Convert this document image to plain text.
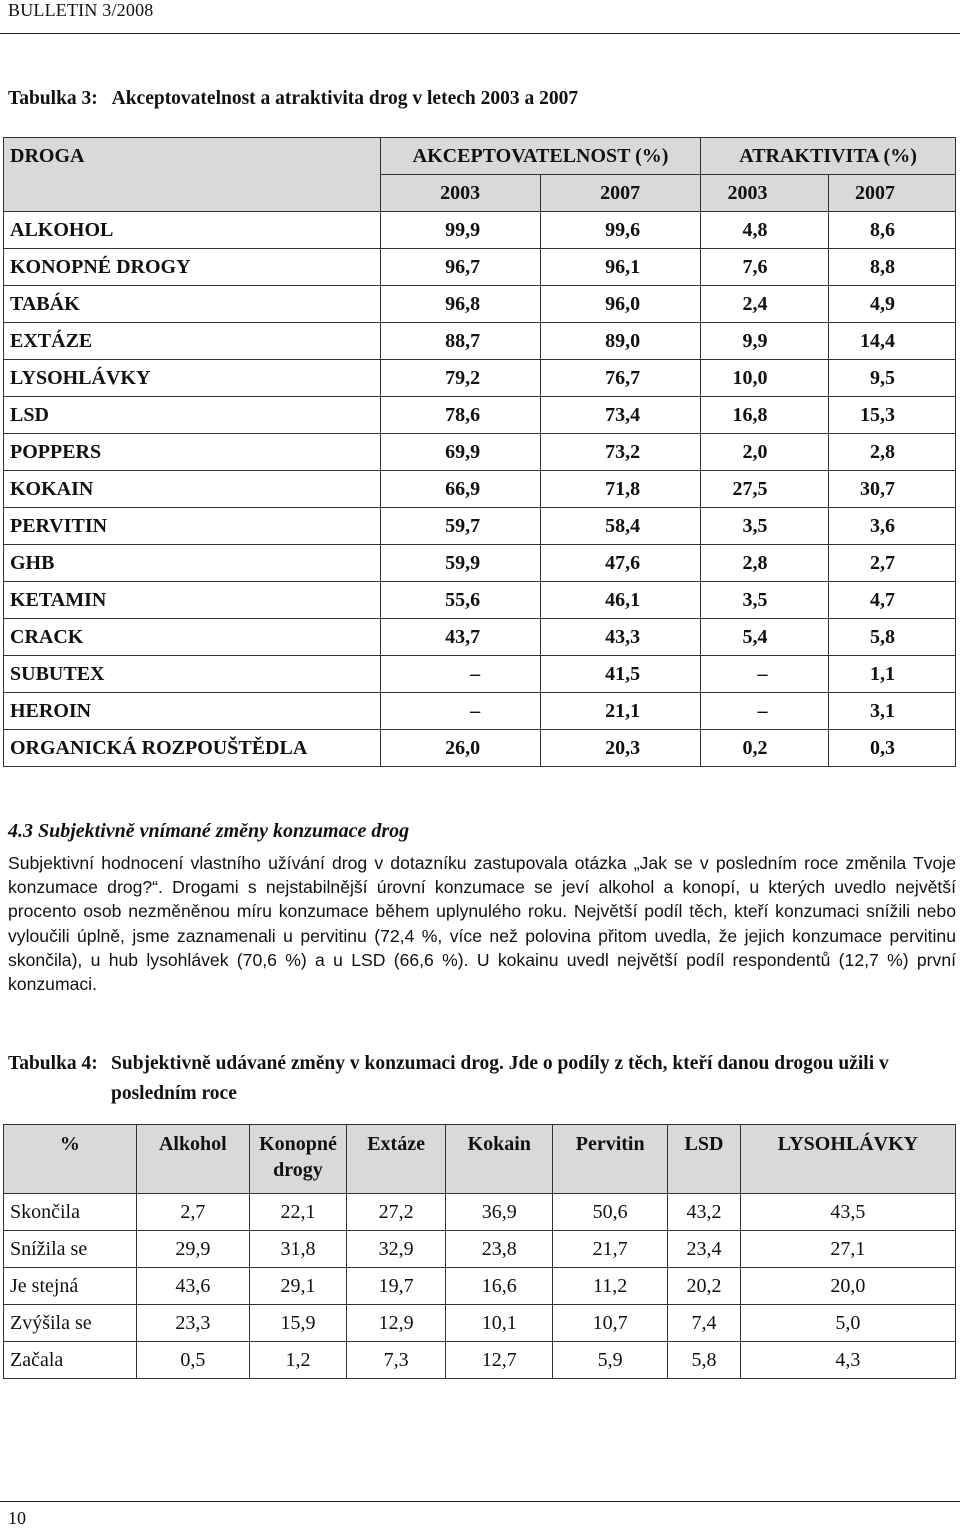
BULLETIN 3/2008
Tabulka 3: Akceptovatelnost a atraktivita drog v letech 2003 a 2007
DROGA	AKCEPTOVATELNOST (%)		ATRAKTIVITA (%)	
	2003	2007	2003	2007
ALKOHOL	99,9	99,6	4,8	8,6
KONOPNÉ DROGY	96,7	96,1	7,6	8,8
TABÁK	96,8	96,0	2,4	4,9
EXTÁZE	88,7	89,0	9,9	14,4
LYSOHLÁVKY	79,2	76,7	10,0	9,5
LSD	78,6	73,4	16,8	15,3
POPPERS	69,9	73,2	2,0	2,8
KOKAIN	66,9	71,8	27,5	30,7
PERVITIN	59,7	58,4	3,5	3,6
GHB	59,9	47,6	2,8	2,7
KETAMIN	55,6	46,1	3,5	4,7
CRACK	43,7	43,3	5,4	5,8
SUBUTEX	–	41,5	–	1,1
HEROIN	–	21,1	–	3,1
ORGANICKÁ ROZPOUŠTĚDLA	26,0	20,3	0,2	0,3

4.3 Subjektivně vnímané změny konzumace drog

Subjektivní hodnocení vlastního užívání drog v dotazníku zastupovala otázka „Jak se v posledním roce změnila Tvoje konzumace drog?“. Drogami s nejstabilnější úrovní konzumace se jeví alkohol a konopí, u kterých uvedlo největší procento osob nezměněnou míru konzumace během uplynulého roku. Největší podíl těch, kteří konzumaci snížili nebo vyloučili úplně, jsme zaznamenali u pervitinu (72,4 %, více než polovina přitom uvedla, že jejich konzumace pervitinu skončila), u hub lysohlávek (70,6 %) a u LSD (66,6 %). U kokainu uvedl největší podíl respondentů (12,7 %) první konzumaci.

Tabulka 4: Subjektivně udávané změny v konzumaci drog. Jde o podíly z těch, kteří danou drogou užili v posledním roce
%	Alkohol	Konopné drogy	Extáze	Kokain	Pervitin	LSD	LYSOHLÁVKY
Skončila	2,7	22,1	27,2	36,9	50,6	43,2	43,5
Snížila se	29,9	31,8	32,9	23,8	21,7	23,4	27,1
Je stejná	43,6	29,1	19,7	16,6	11,2	20,2	20,0
Zvýšila se	23,3	15,9	12,9	10,1	10,7	7,4	5,0
Začala	0,5	1,2	7,3	12,7	5,9	5,8	4,3
10
